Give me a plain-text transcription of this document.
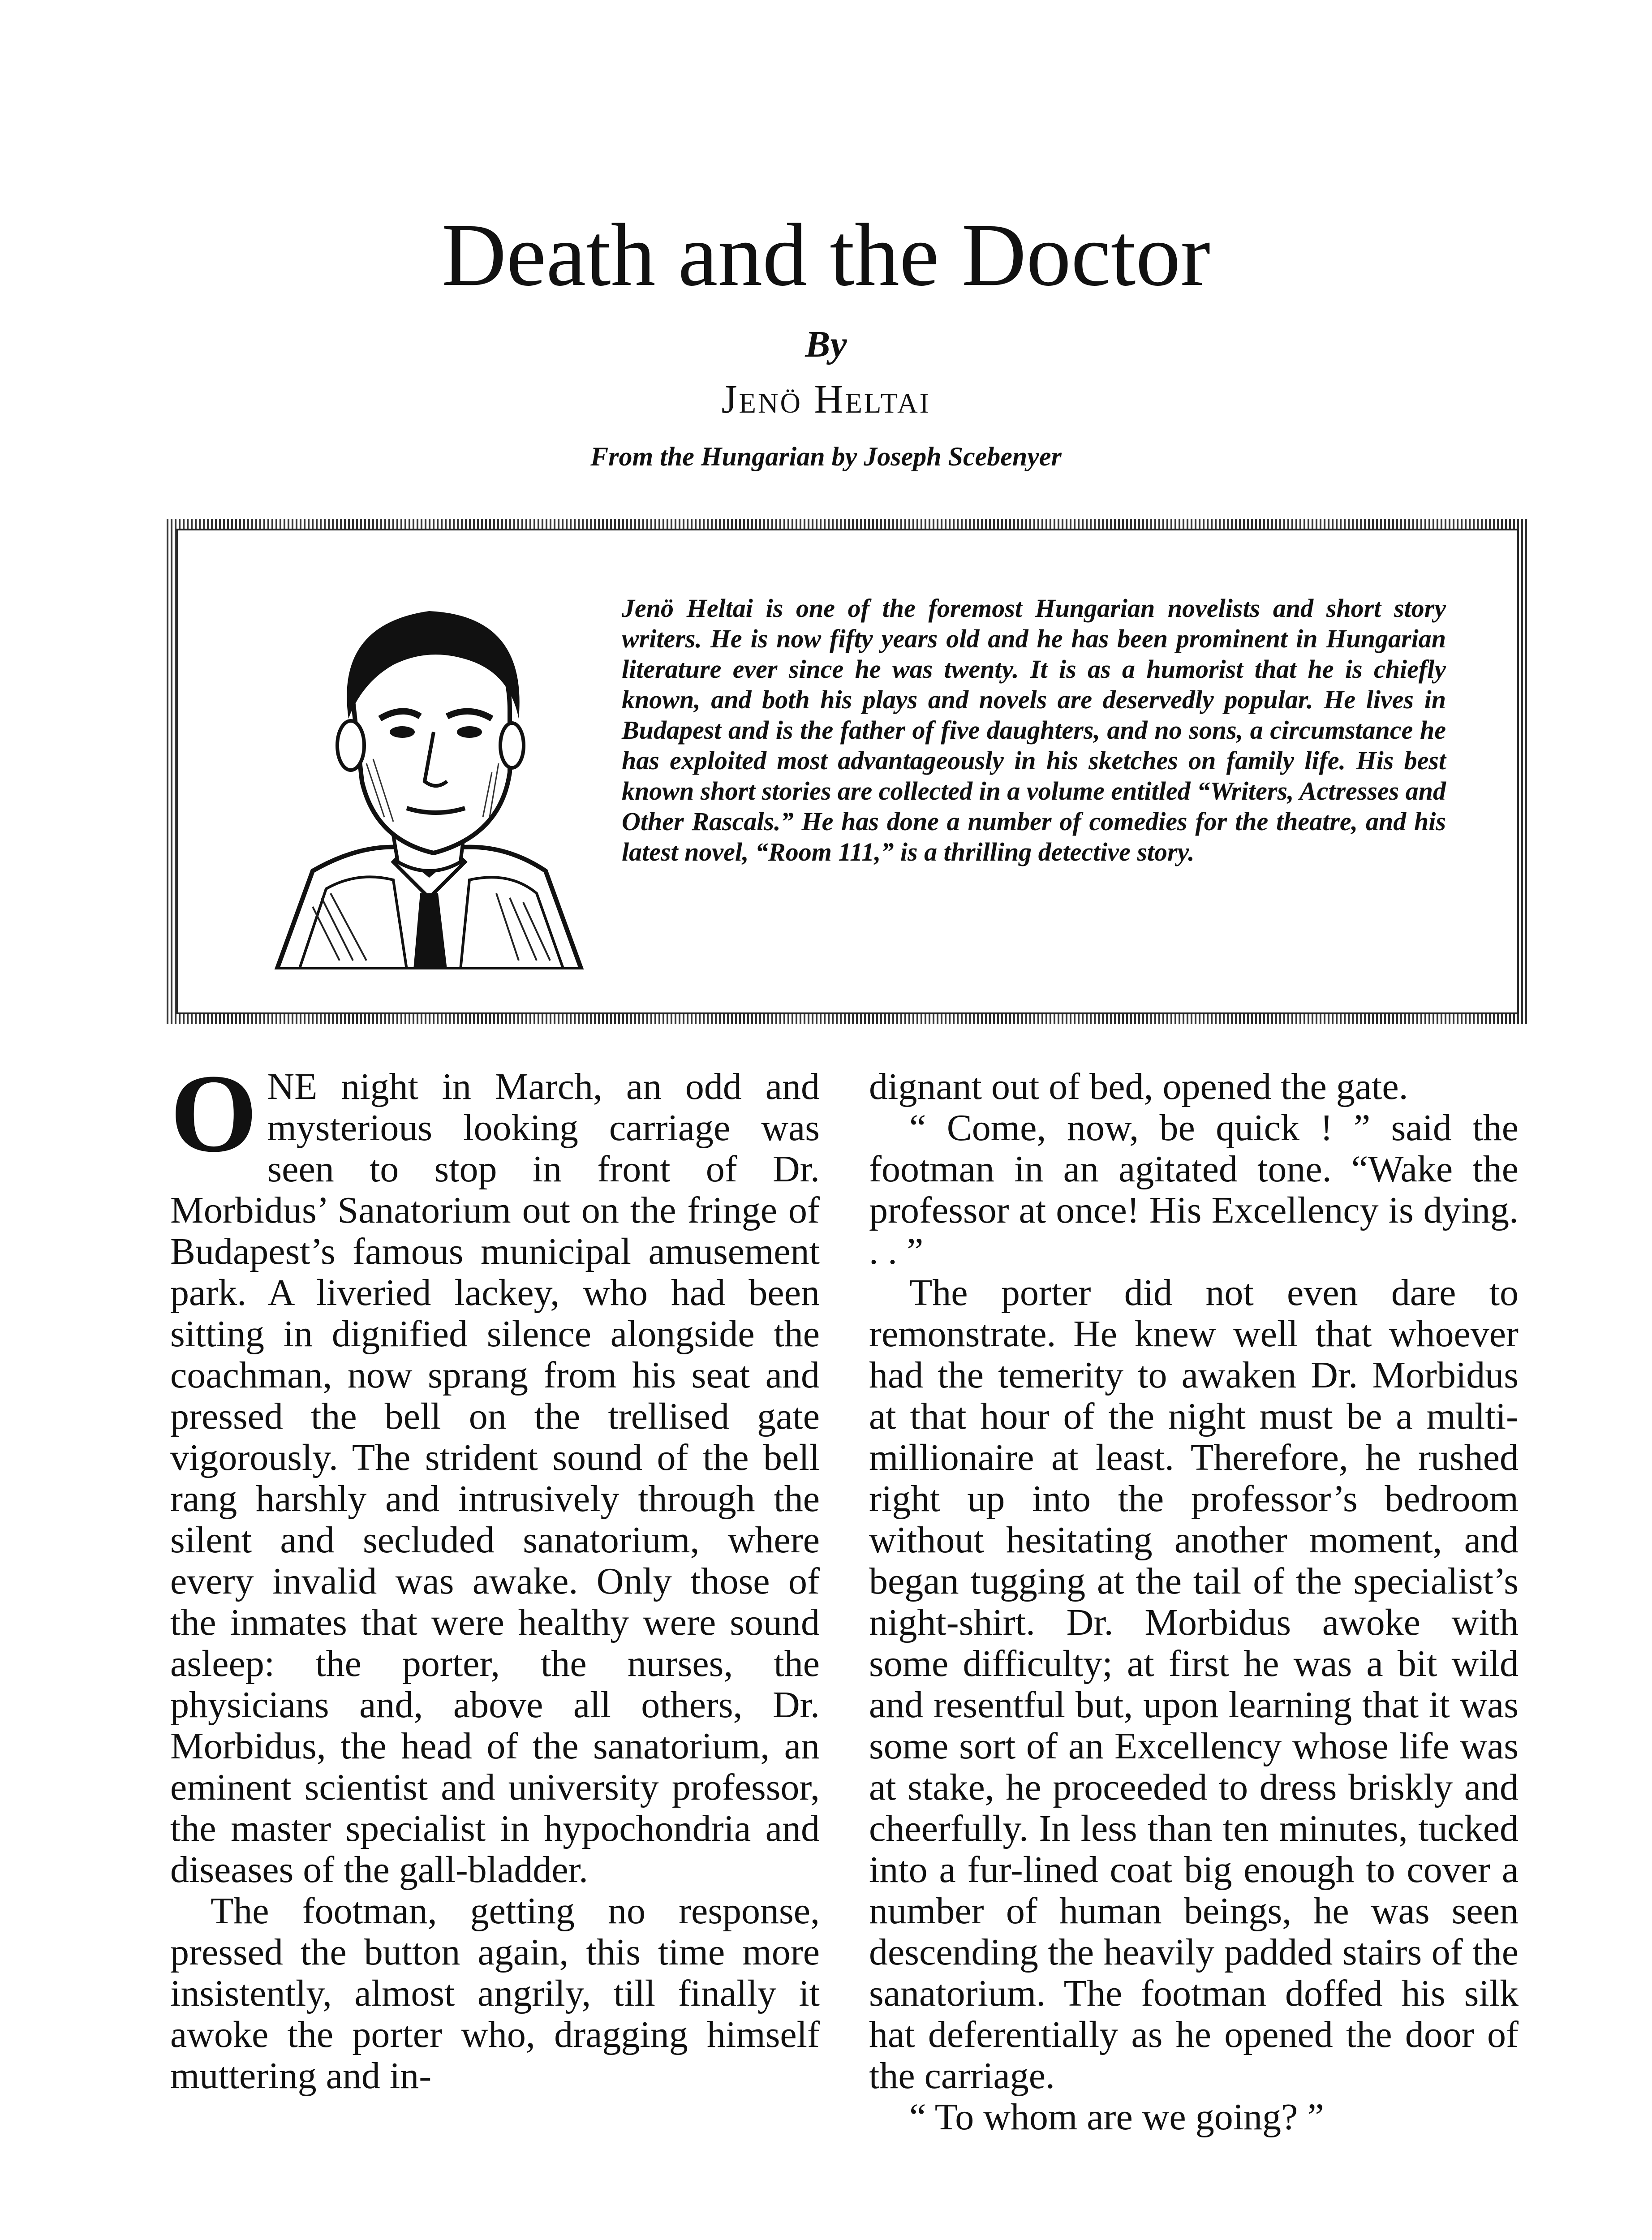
Death and the Doctor
By
Jenö Heltai
From the Hungarian by Joseph Scebenyer

Jenö Heltai is one of the foremost Hungarian novelists and short story writers. He is now fifty years old and he has been prominent in Hungarian literature ever since he was twenty. It is as a humorist that he is chiefly known, and both his plays and novels are deservedly popular. He lives in Budapest and is the father of five daughters, and no sons, a circumstance he has exploited most advantageously in his sketches on family life. His best known short stories are collected in a volume entitled “Writers, Actresses and Other Rascals.” He has done a number of comedies for the theatre, and his latest novel, “Room 111,” is a thrilling detective story.

ONE night in March, an odd and mysterious looking carriage was seen to stop in front of Dr. Morbidus’ Sanatorium out on the fringe of Budapest’s famous municipal amusement park. A liveried lackey, who had been sitting in dignified silence alongside the coachman, now sprang from his seat and pressed the bell on the trellised gate vigorously. The strident sound of the bell rang harshly and intrusively through the silent and secluded sanatorium, where every invalid was awake. Only those of the inmates that were healthy were sound asleep: the porter, the nurses, the physicians and, above all others, Dr. Morbidus, the head of the sanatorium, an eminent scientist and university professor, the master specialist in hypochondria and diseases of the gall-bladder.

The footman, getting no response, pressed the button again, this time more insistently, almost angrily, till finally it awoke the porter who, dragging himself muttering and in-

dignant out of bed, opened the gate.

“ Come, now, be quick ! ” said the footman in an agitated tone. “Wake the professor at once! His Excellency is dying. . . ”

The porter did not even dare to remonstrate. He knew well that whoever had the temerity to awaken Dr. Morbidus at that hour of the night must be a multi-millionaire at least. Therefore, he rushed right up into the professor’s bedroom without hesitating another moment, and began tugging at the tail of the specialist’s night-shirt. Dr. Morbidus awoke with some difficulty; at first he was a bit wild and resentful but, upon learning that it was some sort of an Excellency whose life was at stake, he proceeded to dress briskly and cheerfully. In less than ten minutes, tucked into a fur-lined coat big enough to cover a number of human beings, he was seen descending the heavily padded stairs of the sanatorium. The footman doffed his silk hat deferentially as he opened the door of the carriage.

“ To whom are we going? ”
